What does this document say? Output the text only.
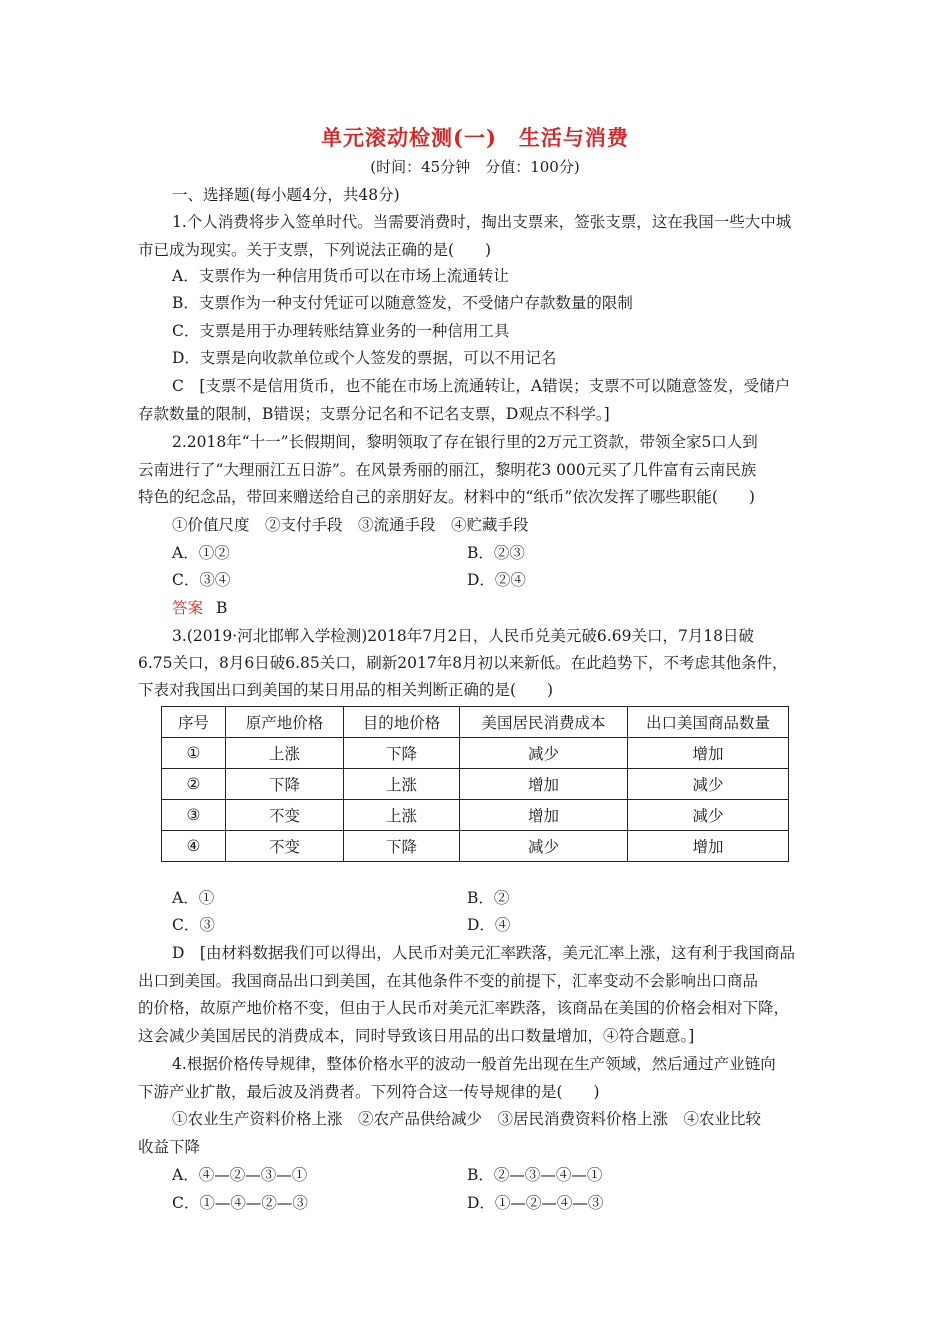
单元滚动检测(一)　生活与消费
(时间：45分钟　分值：100分)
一、选择题(每小题4分，共48分)
1.个人消费将步入签单时代。当需要消费时，掏出支票来，签张支票，这在我国一些大中城
市已成为现实。关于支票，下列说法正确的是(　　)
A．支票作为一种信用货币可以在市场上流通转让
B．支票作为一种支付凭证可以随意签发，不受储户存款数量的限制
C．支票是用于办理转账结算业务的一种信用工具
D．支票是向收款单位或个人签发的票据，可以不用记名
C　[支票不是信用货币，也不能在市场上流通转让，A错误；支票不可以随意签发，受储户
存款数量的限制，B错误；支票分记名和不记名支票，D观点不科学。]
2.2018年“十一”长假期间，黎明领取了存在银行里的2万元工资款，带领全家5口人到
云南进行了“大理丽江五日游”。在风景秀丽的丽江，黎明花3 000元买了几件富有云南民族
特色的纪念品，带回来赠送给自己的亲朋好友。材料中的“纸币”依次发挥了哪些职能(　　)
①价值尺度　②支付手段　③流通手段　④贮藏手段
A．①②	B．②③
C．③④	D．②④
答案 B
3.(2019·河北邯郸入学检测)2018年7月2日，人民币兑美元破6.69关口，7月18日破
6.75关口，8月6日破6.85关口，刷新2017年8月初以来新低。在此趋势下，不考虑其他条件，
下表对我国出口到美国的某日用品的相关判断正确的是(　　)
序号	原产地价格	目的地价格	美国居民消费成本	出口美国商品数量
①	上涨	下降	减少	增加
②	下降	上涨	增加	减少
③	不变	上涨	增加	减少
④	不变	下降	减少	增加
A．①	B．②
C．③	D．④
D　[由材料数据我们可以得出，人民币对美元汇率跌落，美元汇率上涨，这有利于我国商品
出口到美国。我国商品出口到美国，在其他条件不变的前提下，汇率变动不会影响出口商品
的价格，故原产地价格不变，但由于人民币对美元汇率跌落，该商品在美国的价格会相对下降，
这会减少美国居民的消费成本，同时导致该日用品的出口数量增加，④符合题意。]
4.根据价格传导规律，整体价格水平的波动一般首先出现在生产领域，然后通过产业链向
下游产业扩散，最后波及消费者。下列符合这一传导规律的是(　　)
①农业生产资料价格上涨　②农产品供给减少　③居民消费资料价格上涨　④农业比较
收益下降
A．④—②—③—①	B．②—③—④—①
C．①—④—②—③	D．①—②—④—③
